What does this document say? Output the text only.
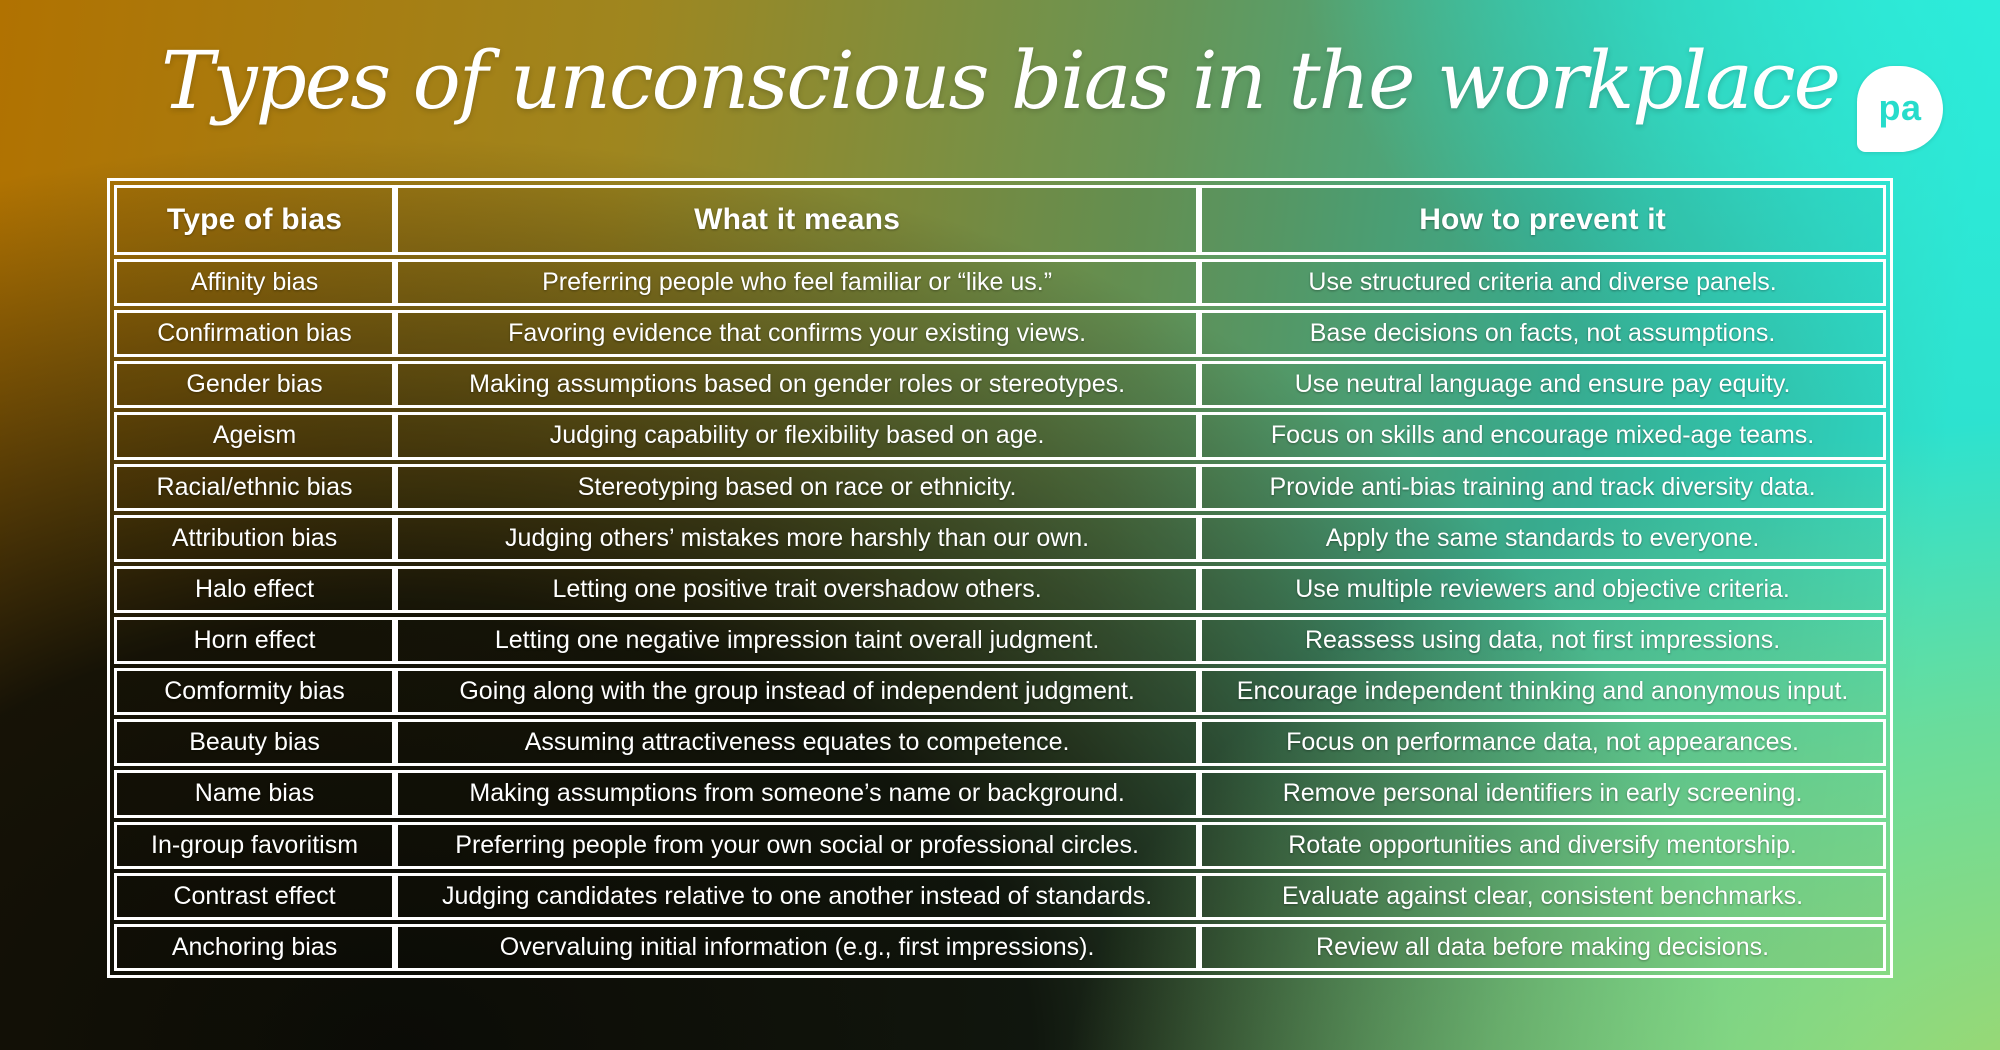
Types of unconscious bias in the workplace	pa
Type of bias	What it means	How to prevent it
Affinity bias	Preferring people who feel familiar or “like us.”	Use structured criteria and diverse panels.
Confirmation bias	Favoring evidence that confirms your existing views.	Base decisions on facts, not assumptions.
Gender bias	Making assumptions based on gender roles or stereotypes.	Use neutral language and ensure pay equity.
Ageism	Judging capability or flexibility based on age.	Focus on skills and encourage mixed-age teams.
Racial/ethnic bias	Stereotyping based on race or ethnicity.	Provide anti-bias training and track diversity data.
Attribution bias	Judging others’ mistakes more harshly than our own.	Apply the same standards to everyone.
Halo effect	Letting one positive trait overshadow others.	Use multiple reviewers and objective criteria.
Horn effect	Letting one negative impression taint overall judgment.	Reassess using data, not first impressions.
Comformity bias	Going along with the group instead of independent judgment.	Encourage independent thinking and anonymous input.
Beauty bias	Assuming attractiveness equates to competence.	Focus on performance data, not appearances.
Name bias	Making assumptions from someone’s name or background.	Remove personal identifiers in early screening.
In-group favoritism	Preferring people from your own social or professional circles.	Rotate opportunities and diversify mentorship.
Contrast effect	Judging candidates relative to one another instead of standards.	Evaluate against clear, consistent benchmarks.
Anchoring bias	Overvaluing initial information (e.g., first impressions).	Review all data before making decisions.
